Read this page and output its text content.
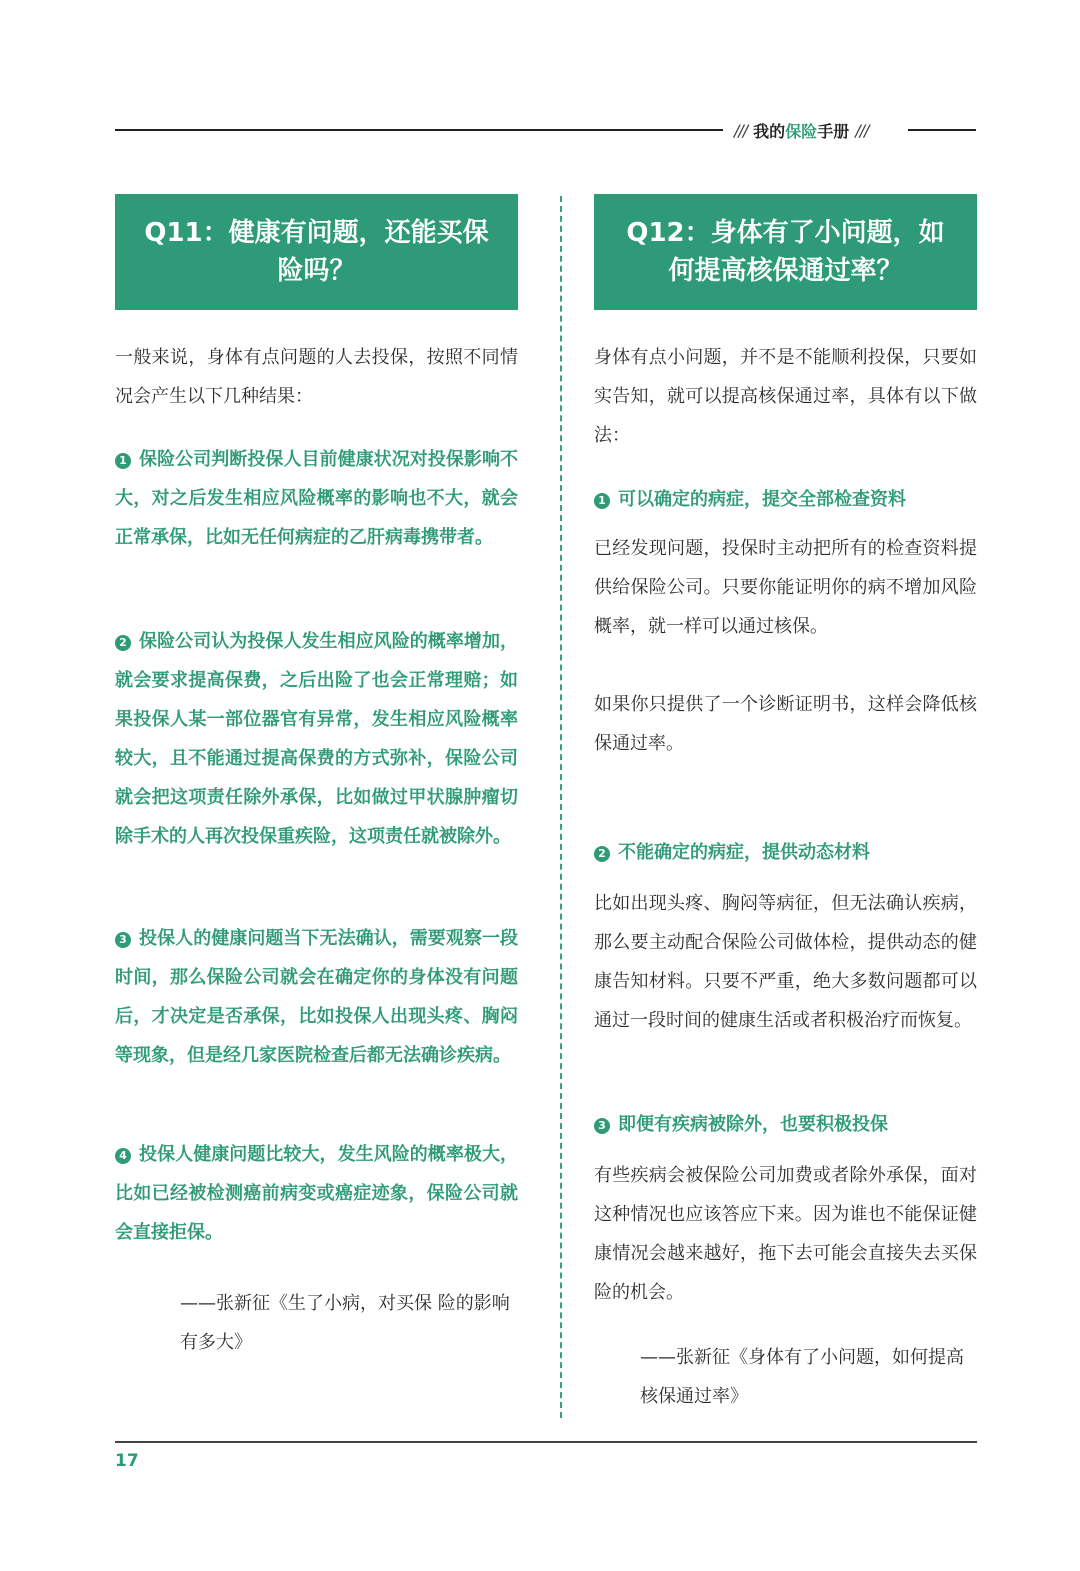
/// 我的保险手册 ///
Q11：健康有问题，还能买保险吗？
一般来说，身体有点问题的人去投保，按照不同情况会产生以下几种结果：
1 保险公司判断投保人目前健康状况对投保影响不大，对之后发生相应风险概率的影响也不大，就会正常承保，比如无任何病症的乙肝病毒携带者。
2 保险公司认为投保人发生相应风险的概率增加，就会要求提高保费，之后出险了也会正常理赔；如果投保人某一部位器官有异常，发生相应风险概率较大，且不能通过提高保费的方式弥补，保险公司就会把这项责任除外承保，比如做过甲状腺肿瘤切除手术的人再次投保重疾险，这项责任就被除外。
3 投保人的健康问题当下无法确认，需要观察一段时间，那么保险公司就会在确定你的身体没有问题后，才决定是否承保，比如投保人出现头疼、胸闷等现象，但是经几家医院检查后都无法确诊疾病。
4 投保人健康问题比较大，发生风险的概率极大，比如已经被检测癌前病变或癌症迹象，保险公司就会直接拒保。
——张新征《生了小病，对买保 险的影响有多大》
Q12：身体有了小问题，如何提高核保通过率？
身体有点小问题，并不是不能顺利投保，只要如实告知，就可以提高核保通过率，具体有以下做法：
1 可以确定的病症，提交全部检查资料
已经发现问题，投保时主动把所有的检查资料提供给保险公司。只要你能证明你的病不增加风险概率，就一样可以通过核保。
如果你只提供了一个诊断证明书，这样会降低核保通过率。
2 不能确定的病症，提供动态材料
比如出现头疼、胸闷等病征，但无法确认疾病，那么要主动配合保险公司做体检，提供动态的健康告知材料。只要不严重，绝大多数问题都可以通过一段时间的健康生活或者积极治疗而恢复。
3 即便有疾病被除外，也要积极投保
有些疾病会被保险公司加费或者除外承保，面对这种情况也应该答应下来。因为谁也不能保证健康情况会越来越好，拖下去可能会直接失去买保险的机会。
——张新征《身体有了小问题，如何提高核保通过率》
17
